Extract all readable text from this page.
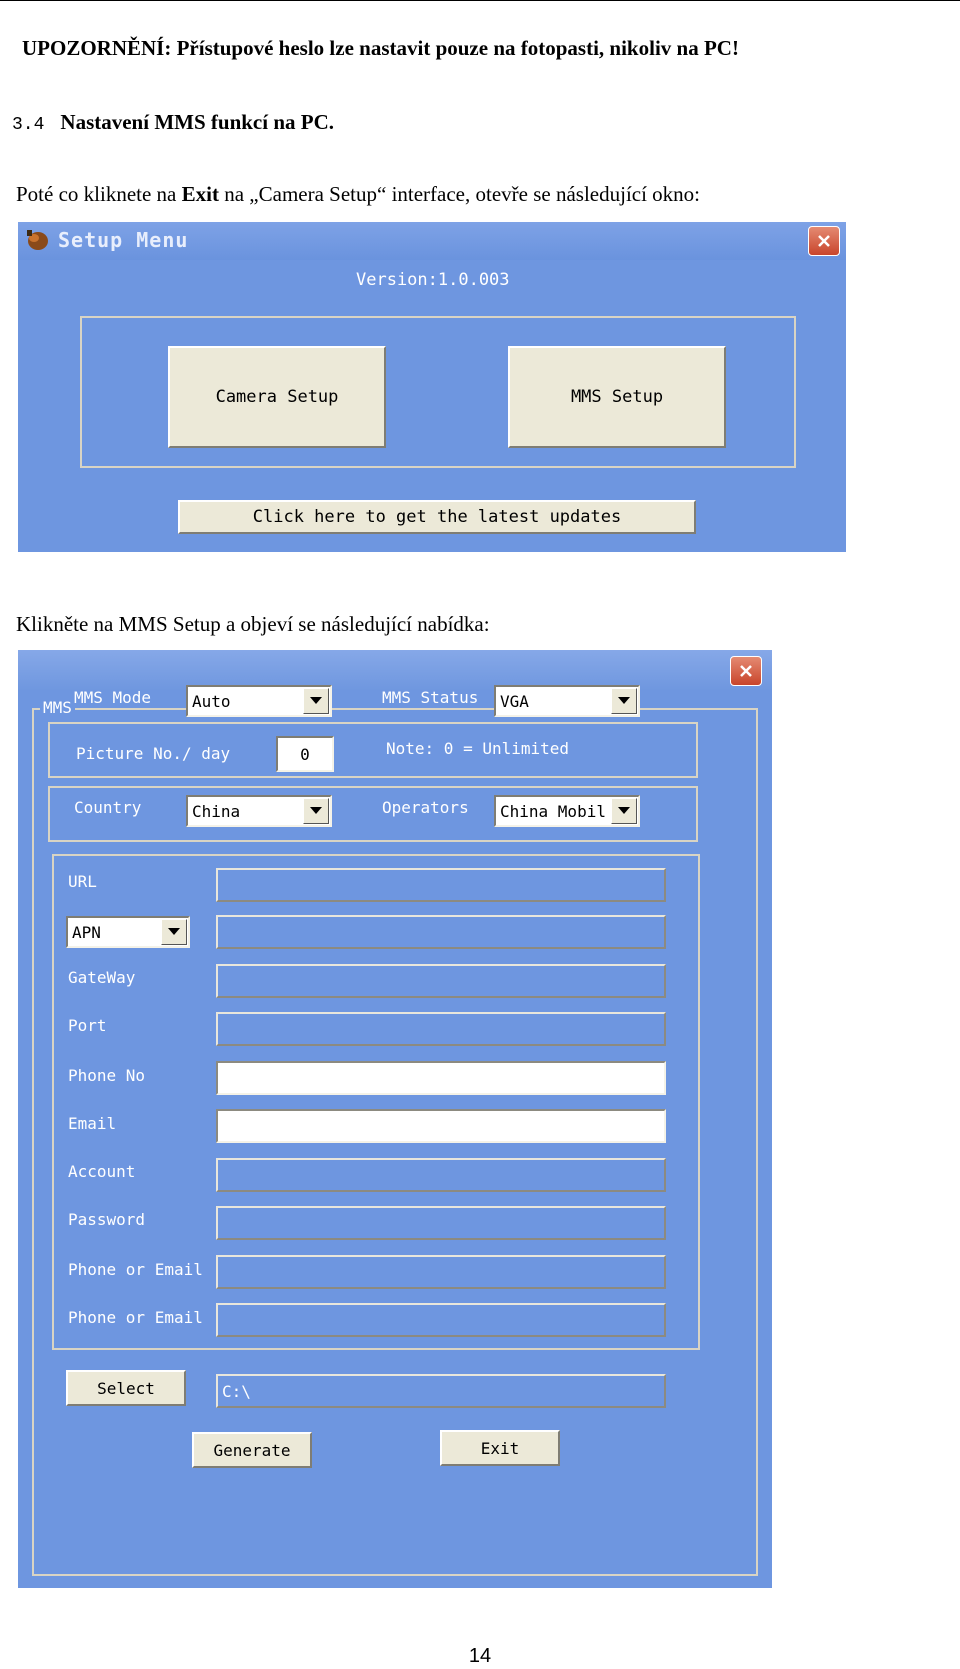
UPOZORNĚNÍ: Přístupové heslo lze nastavit pouze na fotopasti, nikoliv na PC!
3.4 Nastavení MMS funkcí na PC.
Poté co kliknete na Exit na „Camera Setup“ interface, otevře se následující okno:
Setup Menu
Version:1.0.003
Camera Setup	MMS Setup
Click here to get the latest updates
Klikněte na MMS Setup a objeví se následující nabídka:
MMS
MMS Mode	Auto	MMS Status VGA
Picture No./ day	0	Note: 0 = Unlimited
Country	China	Operators China Mobil
URL
APN
GateWay
Port
Phone No
Email
Account
Password
Phone or Email
Phone or Email
Select	C:\
Generate	Exit
14
